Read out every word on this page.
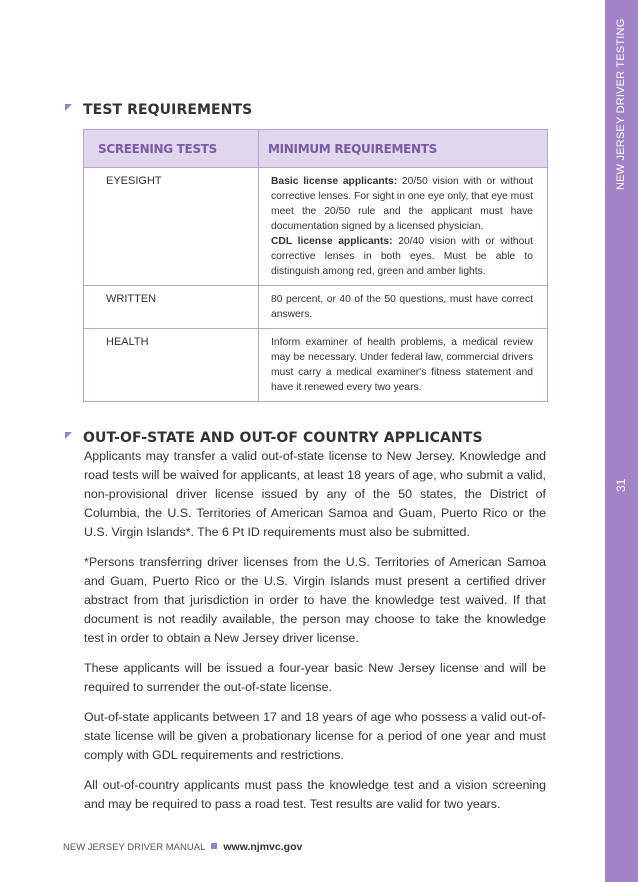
NEW JERSEY DRIVER TESTING
31
TEST REQUIREMENTS
SCREENING TESTS	MINIMUM REQUIREMENTS
EYESIGHT	Basic license applicants: 20/50 vision with or without corrective lenses. For sight in one eye only, that eye must meet the 20/50 rule and the applicant must have documentation signed by a licensed physician.
CDL license applicants: 20/40 vision with or without corrective lenses in both eyes. Must be able to distinguish among red, green and amber lights.
WRITTEN	80 percent, or 40 of the 50 questions, must have correct answers.
HEALTH	Inform examiner of health problems, a medical review may be necessary. Under federal law, commercial drivers must carry a medical examiner's fitness statement and have it renewed every two years.
OUT-OF-STATE AND OUT-OF COUNTRY APPLICANTS

Applicants may transfer a valid out-of-state license to New Jersey. Knowledge and road tests will be waived for applicants, at least 18 years of age, who submit a valid, non-provisional driver license issued by any of the 50 states, the District of Columbia, the U.S. Territories of American Samoa and Guam, Puerto Rico or the U.S. Virgin Islands*. The 6 Pt ID requirements must also be submitted.

*Persons transferring driver licenses from the U.S. Territories of American Samoa and Guam, Puerto Rico or the U.S. Virgin Islands must present a certified driver abstract from that jurisdiction in order to have the knowledge test waived. If that document is not readily available, the person may choose to take the knowledge test in order to obtain a New Jersey driver license.

These applicants will be issued a four-year basic New Jersey license and will be required to surrender the out-of-state license.

Out-of-state applicants between 17 and 18 years of age who possess a valid out-of-state license will be given a probationary license for a period of one year and must comply with GDL requirements and restrictions.

All out-of-country applicants must pass the knowledge test and a vision screening and may be required to pass a road test. Test results are valid for two years.

NEW JERSEY DRIVER MANUAL www.njmvc.gov
